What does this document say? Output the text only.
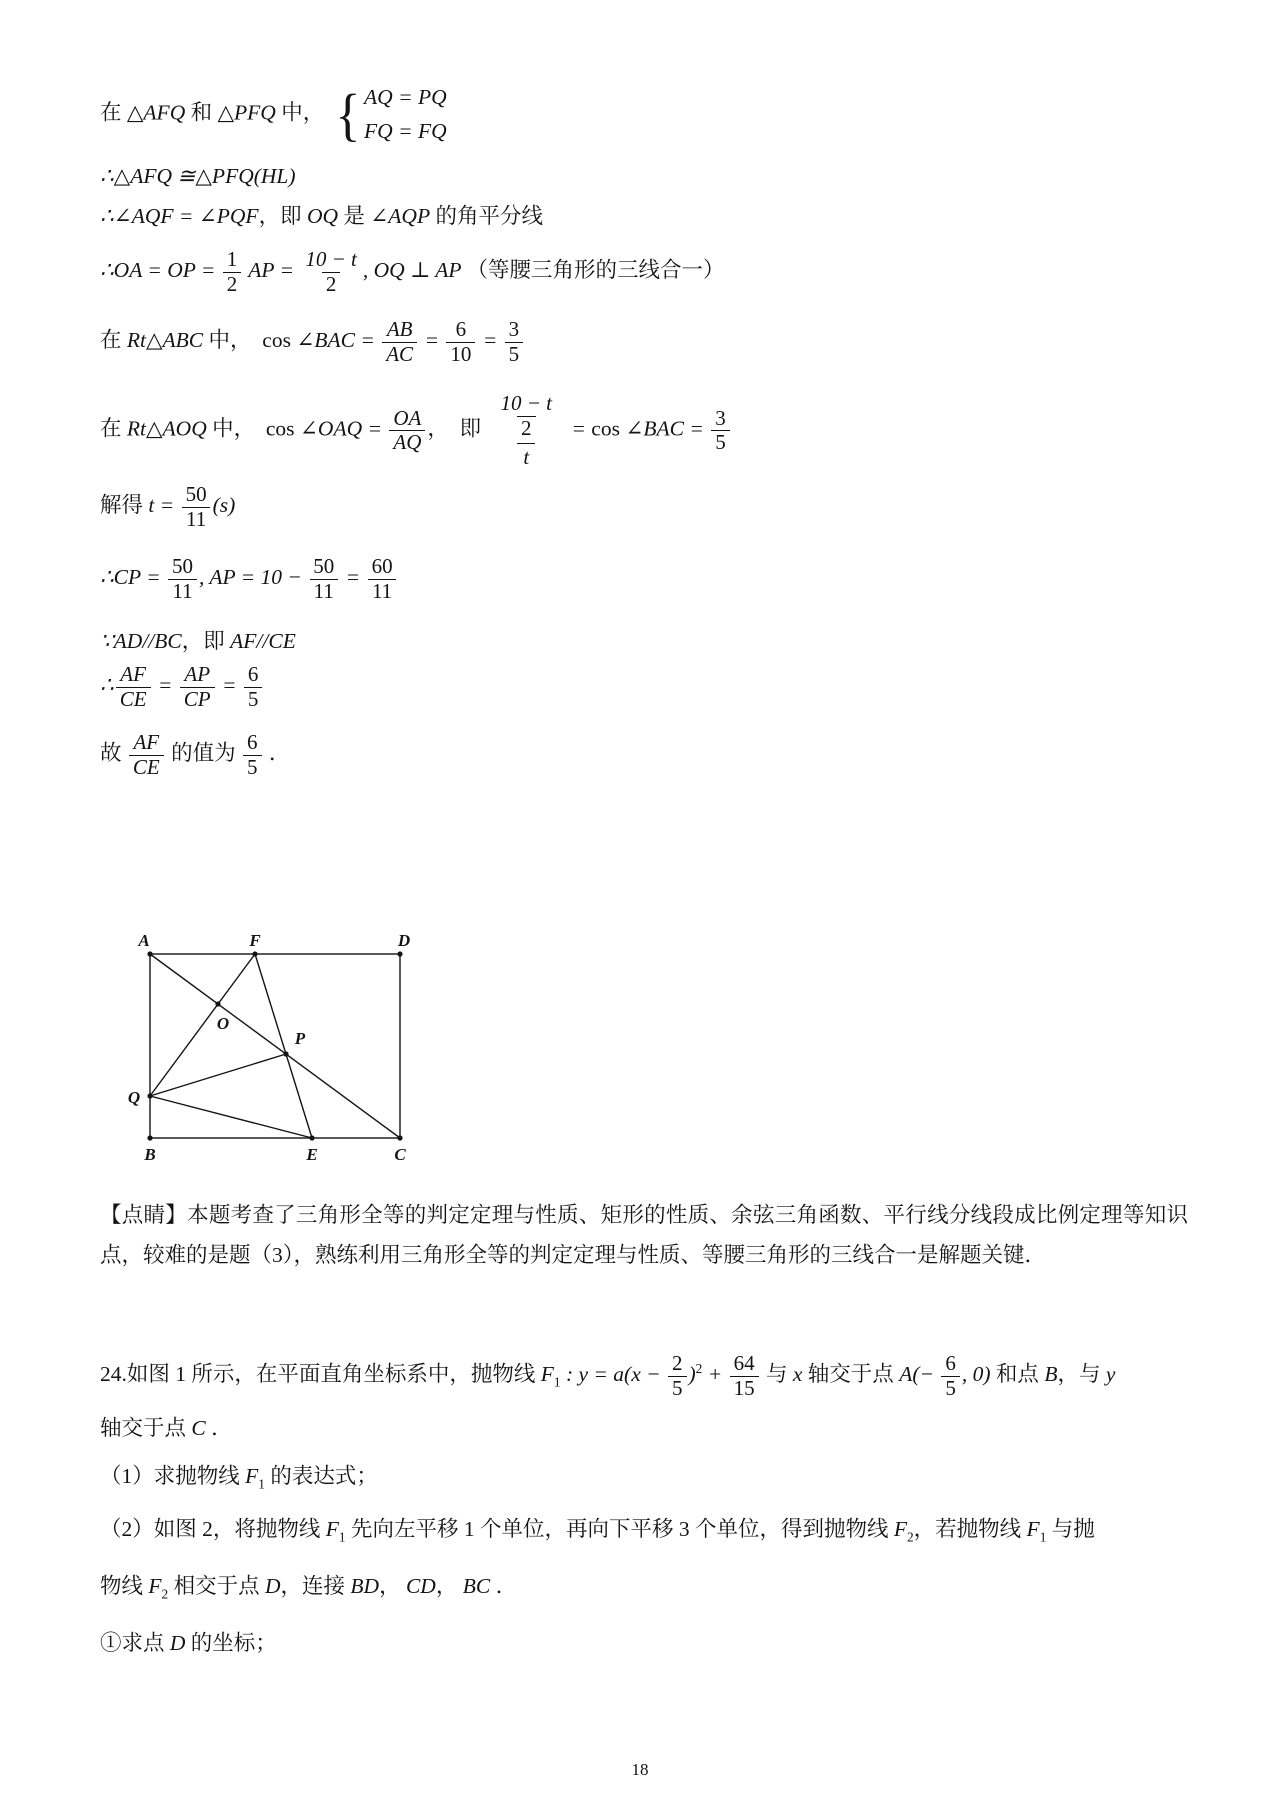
在 △AFQ 和 △PFQ 中， { AQ = PQ
FQ = FQ
∴△AFQ ≅△PFQ(HL)
∴∠AQF = ∠PQF，即 OQ 是 ∠AQP 的角平分线
∴OA = OP = $\frac{1}{2}$ AP = $\frac{10 - t}{2}$ , OQ ⊥ AP （等腰三角形的三线合一）
在 Rt△ABC 中，  cos ∠BAC = $\frac{AB}{AC} = \frac{6}{10} = \frac{3}{5}$
在 Rt△AOQ 中，  cos ∠OAQ = $\frac{OA}{AQ}$ ，  即 $\frac{\frac{10 - t}{2}}{t} = \cos$ ∠BAC = $\frac{3}{5}$
解得 $t = \frac{50}{11} (s)$
∴CP = $\frac{50}{11}$ , AP = $10 - \frac{50}{11} = \frac{60}{11}$
∵AD//BC，即 AF//CE
∴ $\frac{AF}{CE} = \frac{AP}{CP} = \frac{6}{5}$
故 $\frac{AF}{CE}$ 的值为 $\frac{6}{5}$ ．
A	F	D
B	E	C
Q
O
P

【点睛】本题考查了三角形全等的判定定理与性质、矩形的性质、余弦三角函数、平行线分线段成比例定理等知识点，较难的是题（3），熟练利用三角形全等的判定定理与性质、等腰三角形的三线合一是解题关键．

24.如图 1 所示，在平面直角坐标系中，抛物线 $F_1$ : $y = a(x - \frac{2}{5} )^2 + \frac{64}{15}$ 与 x 轴交于点 $A(- \frac{6}{5}$ , 0) 和点 B，与 y
轴交于点 C ．
（1）求抛物线 $F_1$ 的表达式；
（2）如图 2，将抛物线 $F_1$ 先向左平移 1 个单位，再向下平移 3 个单位，得到抛物线 $F_2$，若抛物线 $F_1$ 与抛
物线 $F_2$ 相交于点 D，连接 BD， CD， BC ．
①求点 D 的坐标；
18
